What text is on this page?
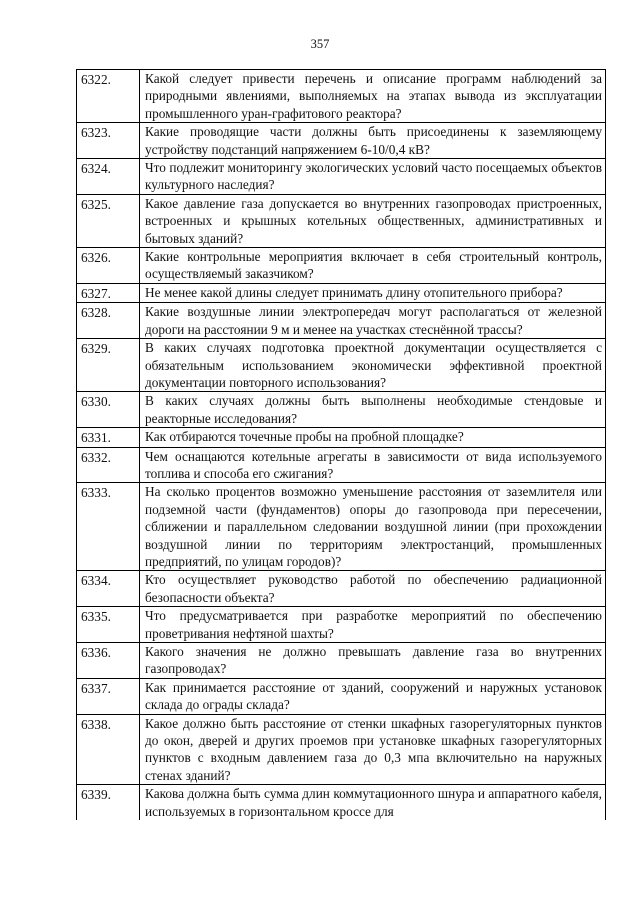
357
6322.	Какой следует привести перечень и описание программ наблюдений за природными явлениями, выполняемых на этапах вывода из эксплуатации промышленного уран-графитового реактора?
6323.	Какие проводящие части должны быть присоединены к заземляющему устройству подстанций напряжением 6-10/0,4 кВ?
6324.	Что подлежит мониторингу экологических условий часто посещаемых объектов культурного наследия?
6325.	Какое давление газа допускается во внутренних газопроводах пристроенных, встроенных и крышных котельных общественных, административных и бытовых зданий?
6326.	Какие контрольные мероприятия включает в себя строительный контроль, осуществляемый заказчиком?
6327.	Не менее какой длины следует принимать длину отопительного прибора?
6328.	Какие воздушные линии электропередач могут располагаться от железной дороги на расстоянии 9 м и менее на участках стеснённой трассы?
6329.	В каких случаях подготовка проектной документации осуществляется с обязательным использованием экономически эффективной проектной документации повторного использования?
6330.	В каких случаях должны быть выполнены необходимые стендовые и реакторные исследования?
6331.	Как отбираются точечные пробы на пробной площадке?
6332.	Чем оснащаются котельные агрегаты в зависимости от вида используемого топлива и способа его сжигания?
6333.	На сколько процентов возможно уменьшение расстояния от заземлителя или подземной части (фундаментов) опоры до газопровода при пересечении, сближении и параллельном следовании воздушной линии (при прохождении воздушной линии по территориям электростанций, промышленных предприятий, по улицам городов)?
6334.	Кто осуществляет руководство работой по обеспечению радиационной безопасности объекта?
6335.	Что предусматривается при разработке мероприятий по обеспечению проветривания нефтяной шахты?
6336.	Какого значения не должно превышать давление газа во внутренних газопроводах?
6337.	Как принимается расстояние от зданий, сооружений и наружных установок склада до ограды склада?
6338.	Какое должно быть расстояние от стенки шкафных газорегуляторных пунктов до окон, дверей и других проемов при установке шкафных газорегуляторных пунктов с входным давлением газа до 0,3 мпа включительно на наружных стенах зданий?
6339.	Какова должна быть сумма длин коммутационного шнура и аппаратного кабеля, используемых в горизонтальном кроссе для
